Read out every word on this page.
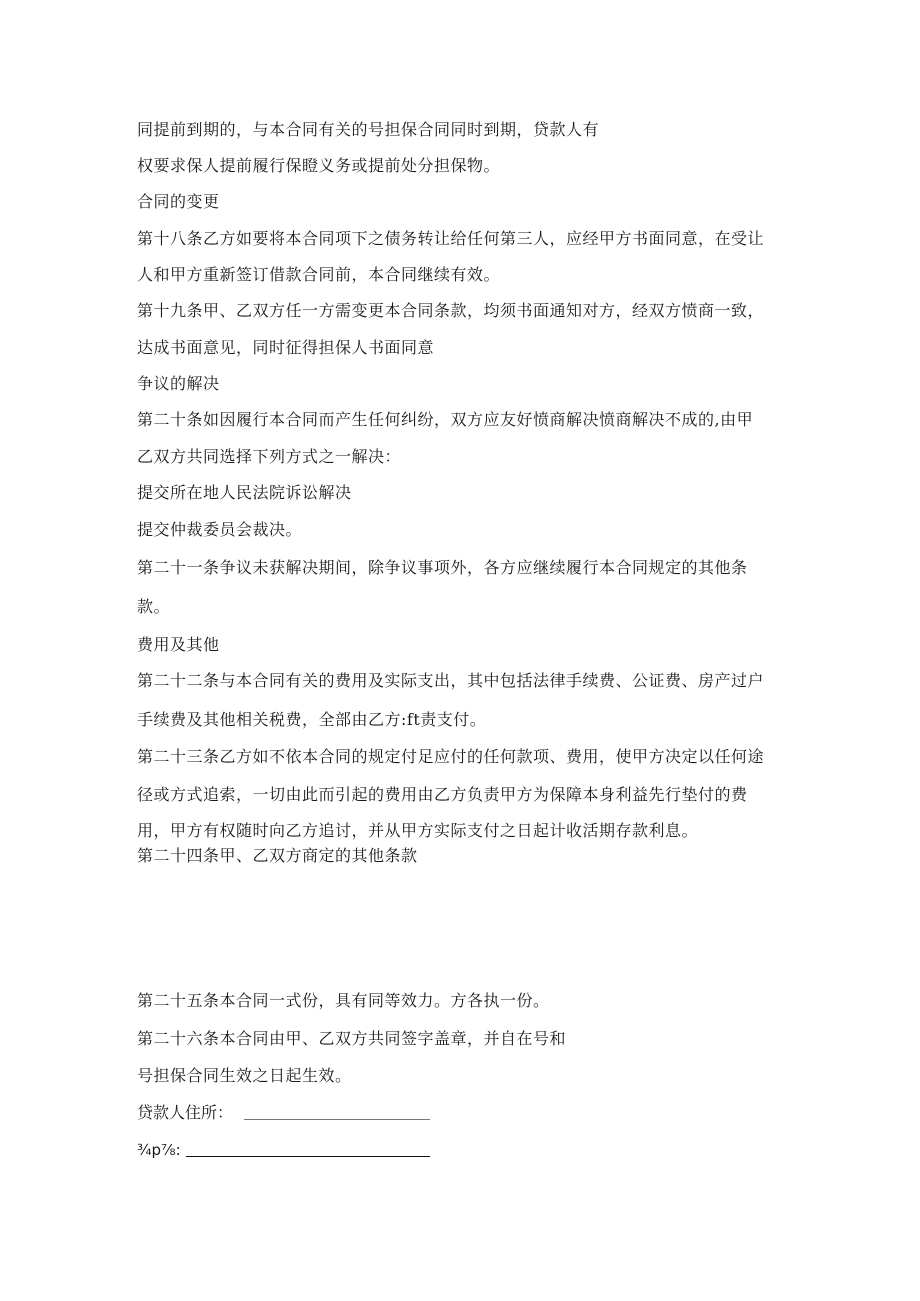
同提前到期的，与本合同有关的号担保合同同时到期，贷款人有
权要求保人提前履行保瞪义务或提前处分担保物。
合同的变更
第十八条乙方如要将本合同项下之债务转让给任何第三人，应经甲方书面同意，在受让
人和甲方重新签订借款合同前，本合同继续有效。
第十九条甲、乙双方任一方需变更本合同条款，均须书面通知对方，经双方愤商一致，
达成书面意见，同时征得担保人书面同意
争议的解决
第二十条如因履行本合同而产生任何纠纷，双方应友好愤商解决愤商解决不成的,由甲
乙双方共同选择下列方式之一解决：
提交所在地人民法院诉讼解决
提交仲裁委员会裁决。
第二十一条争议未获解决期间，除争议事项外，各方应继续履行本合同规定的其他条
款。
费用及其他
第二十二条与本合同有关的费用及实际支出，其中包括法律手续费、公证费、房产过户
手续费及其他相关税费，全部由乙方:ft责支付。
第二十三条乙方如不依本合同的规定付足应付的任何款项、费用，使甲方决定以任何途
径或方式追索，一切由此而引起的费用由乙方负责甲方为保障本身利益先行垫付的费
用，甲方有权随时向乙方追讨，并从甲方实际支付之日起计收活期存款利息。
第二十四条甲、乙双方商定的其他条款
第二十五条本合同一式份，具有同等效力。方各执一份。
第二十六条本合同由甲、乙双方共同签字盖章，并自在号和
号担保合同生效之日起生效。
贷款人住所：
¾p⅞:
